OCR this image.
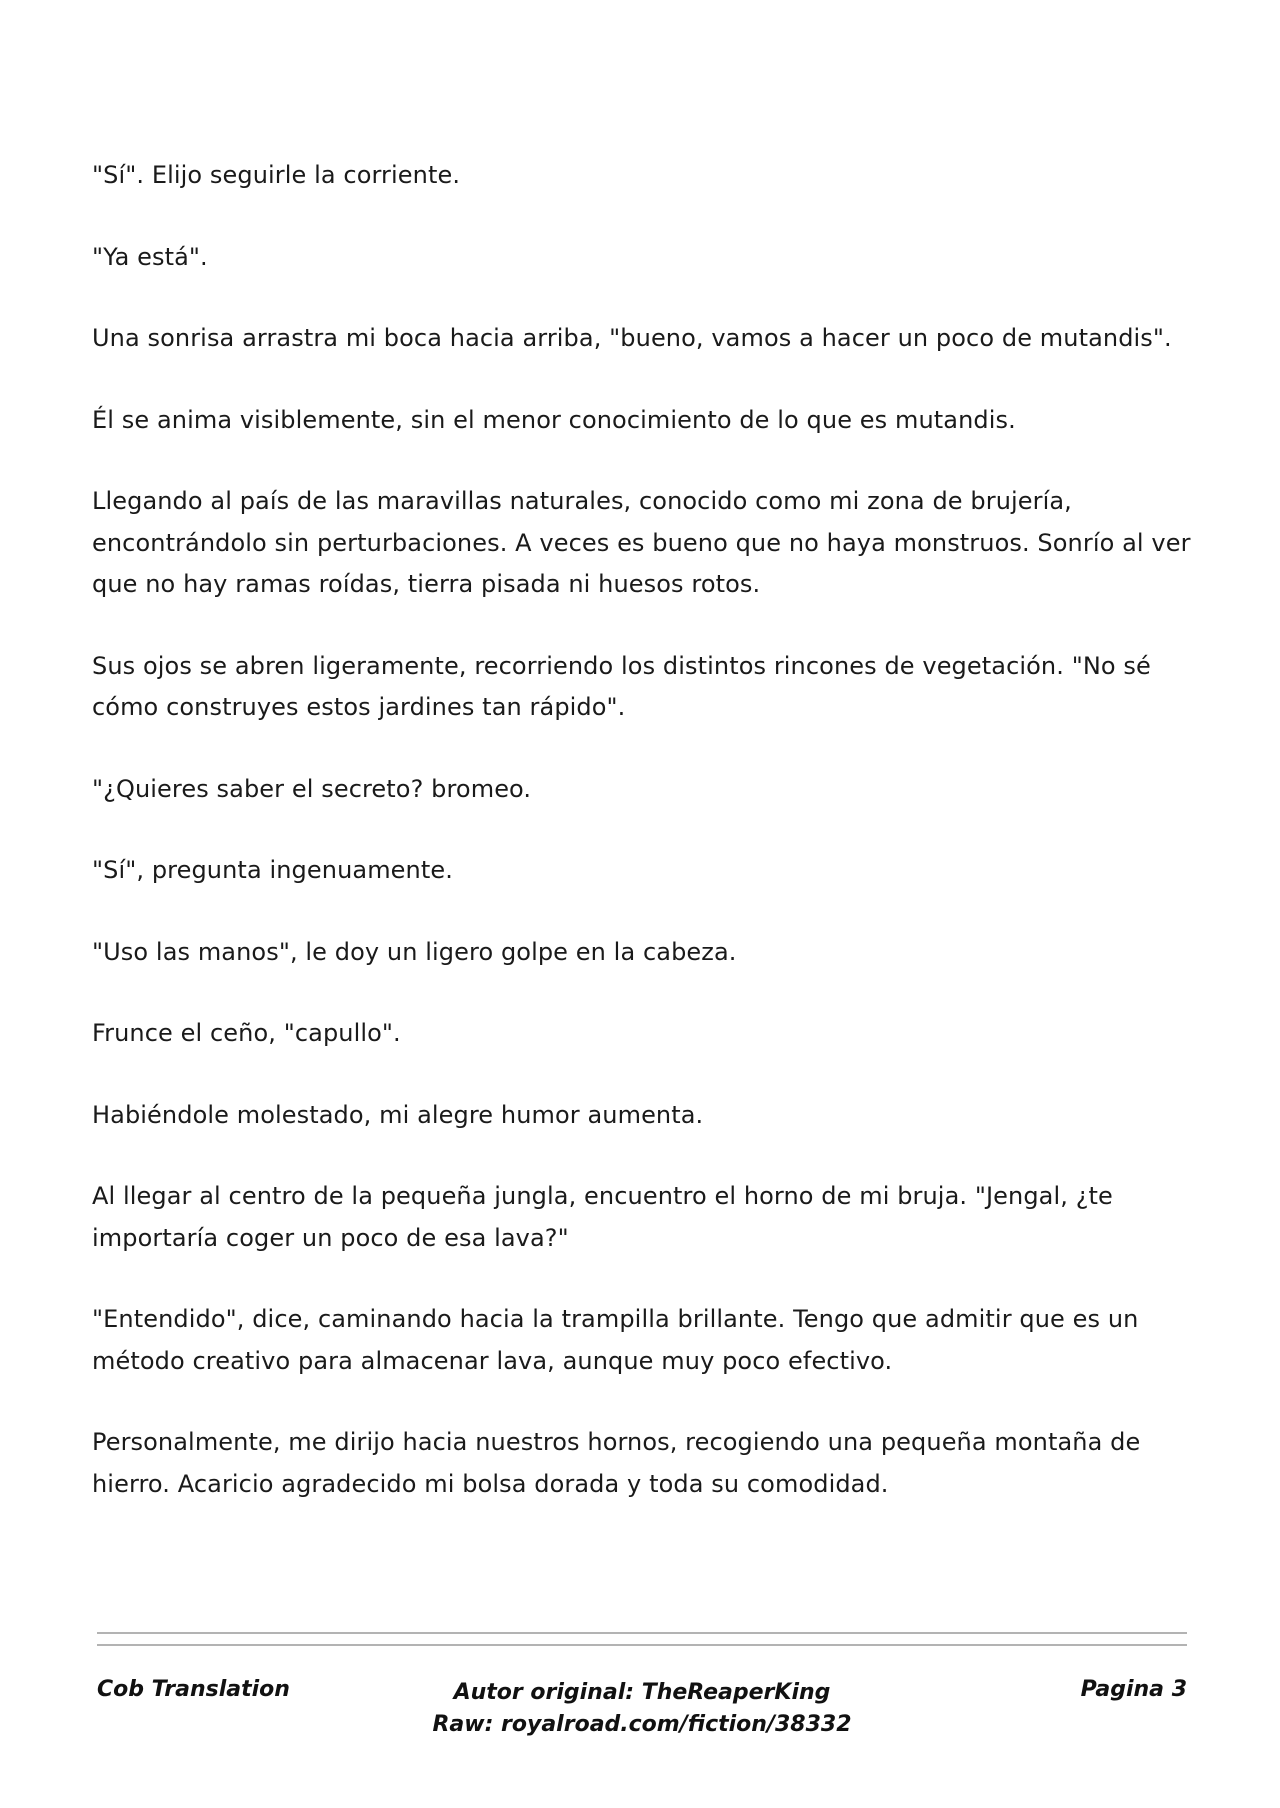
"Sí". Elijo seguirle la corriente.

"Ya está".

Una sonrisa arrastra mi boca hacia arriba, "bueno, vamos a hacer un poco de mutandis".

Él se anima visiblemente, sin el menor conocimiento de lo que es mutandis.

Llegando al país de las maravillas naturales, conocido como mi zona de brujería, encontrándolo sin perturbaciones. A veces es bueno que no haya monstruos. Sonrío al ver que no hay ramas roídas, tierra pisada ni huesos rotos.

Sus ojos se abren ligeramente, recorriendo los distintos rincones de vegetación. "No sé cómo construyes estos jardines tan rápido".

"¿Quieres saber el secreto? bromeo.

"Sí", pregunta ingenuamente.

"Uso las manos", le doy un ligero golpe en la cabeza.

Frunce el ceño, "capullo".

Habiéndole molestado, mi alegre humor aumenta.

Al llegar al centro de la pequeña jungla, encuentro el horno de mi bruja. "Jengal, ¿te importaría coger un poco de esa lava?"

"Entendido", dice, caminando hacia la trampilla brillante. Tengo que admitir que es un método creativo para almacenar lava, aunque muy poco efectivo.

Personalmente, me dirijo hacia nuestros hornos, recogiendo una pequeña montaña de hierro. Acaricio agradecido mi bolsa dorada y toda su comodidad.

Cob Translation	Autor original: TheReaperKing
Raw: royalroad.com/fiction/38332
Pagina 3
